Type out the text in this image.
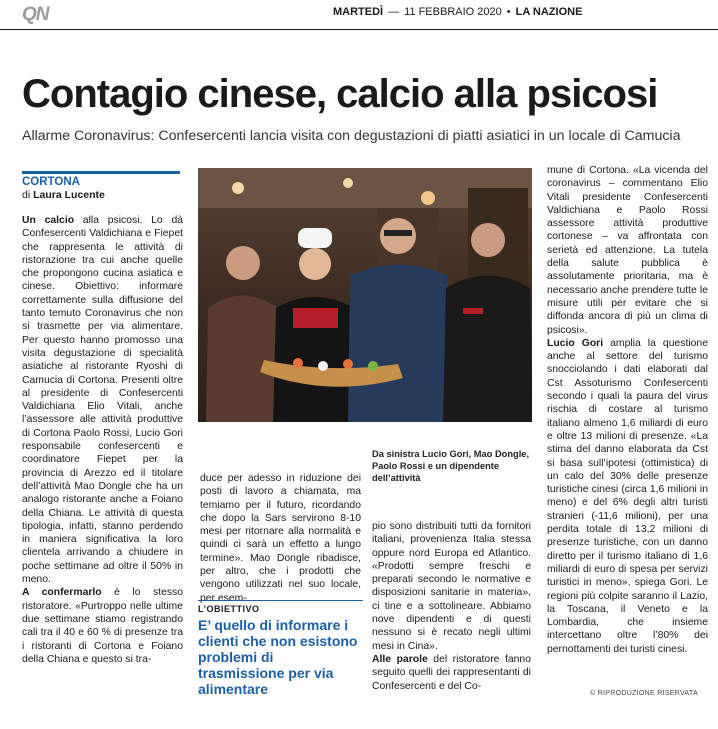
QN	MARTEDÌ — 11 FEBBRAIO 2020 • LA NAZIONE
Contagio cinese, calcio alla psicosi
Allarme Coronavirus: Confesercenti lancia visita con degustazioni di piatti asiatici in un locale di Camucia
CORTONA
di Laura Lucente

Un calcio alla psicosi. Lo dà Confesercenti Valdichiana e Fiepet che rappresenta le attività di ristorazione tra cui anche quelle che propongono cucina asiatica e cinese. Obiettivo: informare correttamente sulla diffusione del tanto temuto Coronavirus che non si trasmette per via alimentare. Per questo hanno promosso una visita degustazione di specialità asiatiche al ristorante Ryoshi di Camucia di Cortona. Presenti oltre al presidente di Confesercenti Valdichiana Elio Vitali, anche l’assessore alle attività produttive di Cortona Paolo Rossi, Lucio Gori responsabile confesercenti e coordinatore Fiepet per la provincia di Arezzo ed il titolare dell’attività Mao Dongle che ha un analogo ristorante anche a Foiano della Chiana. Le attività di questa tipologia, infatti, stanno perdendo in maniera significativa la loro clientela arrivando a chiudere in poche settimane ad oltre il 50% in meno.

A confermarlo è lo stesso ristoratore. «Purtroppo nelle ultime due settimane stiamo registrando cali tra il 40 e 60 % di presenze tra i ristoranti di Cortona e Foiano della Chiana e questo si tra-

Da sinistra Lucio Gori, Mao Dongle, Paolo Rossi e un dipendente dell’attività

duce per adesso in riduzione dei posti di lavoro a chiamata, ma temiamo per il futuro, ricordando che dopo la Sars servirono 8-10 mesi per ritornare alla normalità e quindi ci sarà un effetto a lungo termine». Mao Dongle ribadisce, per altro, che i prodotti che vengono utilizzati nel suo locale, per esem-

L’OBIETTIVO
E’ quello di informare i clienti che non esistono problemi di trasmissione per via alimentare

pio sono distribuiti tutti da fornitori italiani, provenienza Italia stessa oppure nord Europa ed Atlantico. «Prodotti sempre freschi e preparati secondo le normative e disposizioni sanitarie in materia», ci tine e a sottolineare. Abbiamo nove dipendenti e di questi nessuno si è recato negli ultimi mesi in Cina».

Alle parole del ristoratore fanno seguito quelli dei rappresentanti di Confesercenti e del Co-

mune di Cortona. «La vicenda del coronavirus – commentano Elio Vitali presidente Confesercenti Valdichiana e Paolo Rossi assessore attività produttive cortonese – va affrontata con serietà ed attenzione. La tutela della salute pubblica è assolutamente prioritaria, ma è necessario anche prendere tutte le misure utili per evitare che si diffonda ancora di più un clima di psicosi».

Lucio Gori amplia la questione anche al settore del turismo snocciolando i dati elaborati dal Cst Assoturismo Confesercenti secondo i quali la paura del virus rischia di costare al turismo italiano almeno 1,6 miliardi di euro e oltre 13 milioni di presenze. «La stima del danno elaborata da Cst si basa sull’ipotesi (ottimistica) di un calo del 30% delle presenze turistiche cinesi (circa 1,6 milioni in meno) e del 6% degli altri turisti stranieri (-11,6 milioni), per una perdita totale di 13,2 milioni di presenze turistiche, con un danno diretto per il turismo italiano di 1,6 miliardi di euro di spesa per servizi turistici in meno», spiega Gori. Le regioni più colpite saranno il Lazio, la Toscana, il Veneto e la Lombardia, che insieme intercettano oltre l’80% dei pernottamenti dei turisti cinesi.

© RIPRODUZIONE RISERVATA
